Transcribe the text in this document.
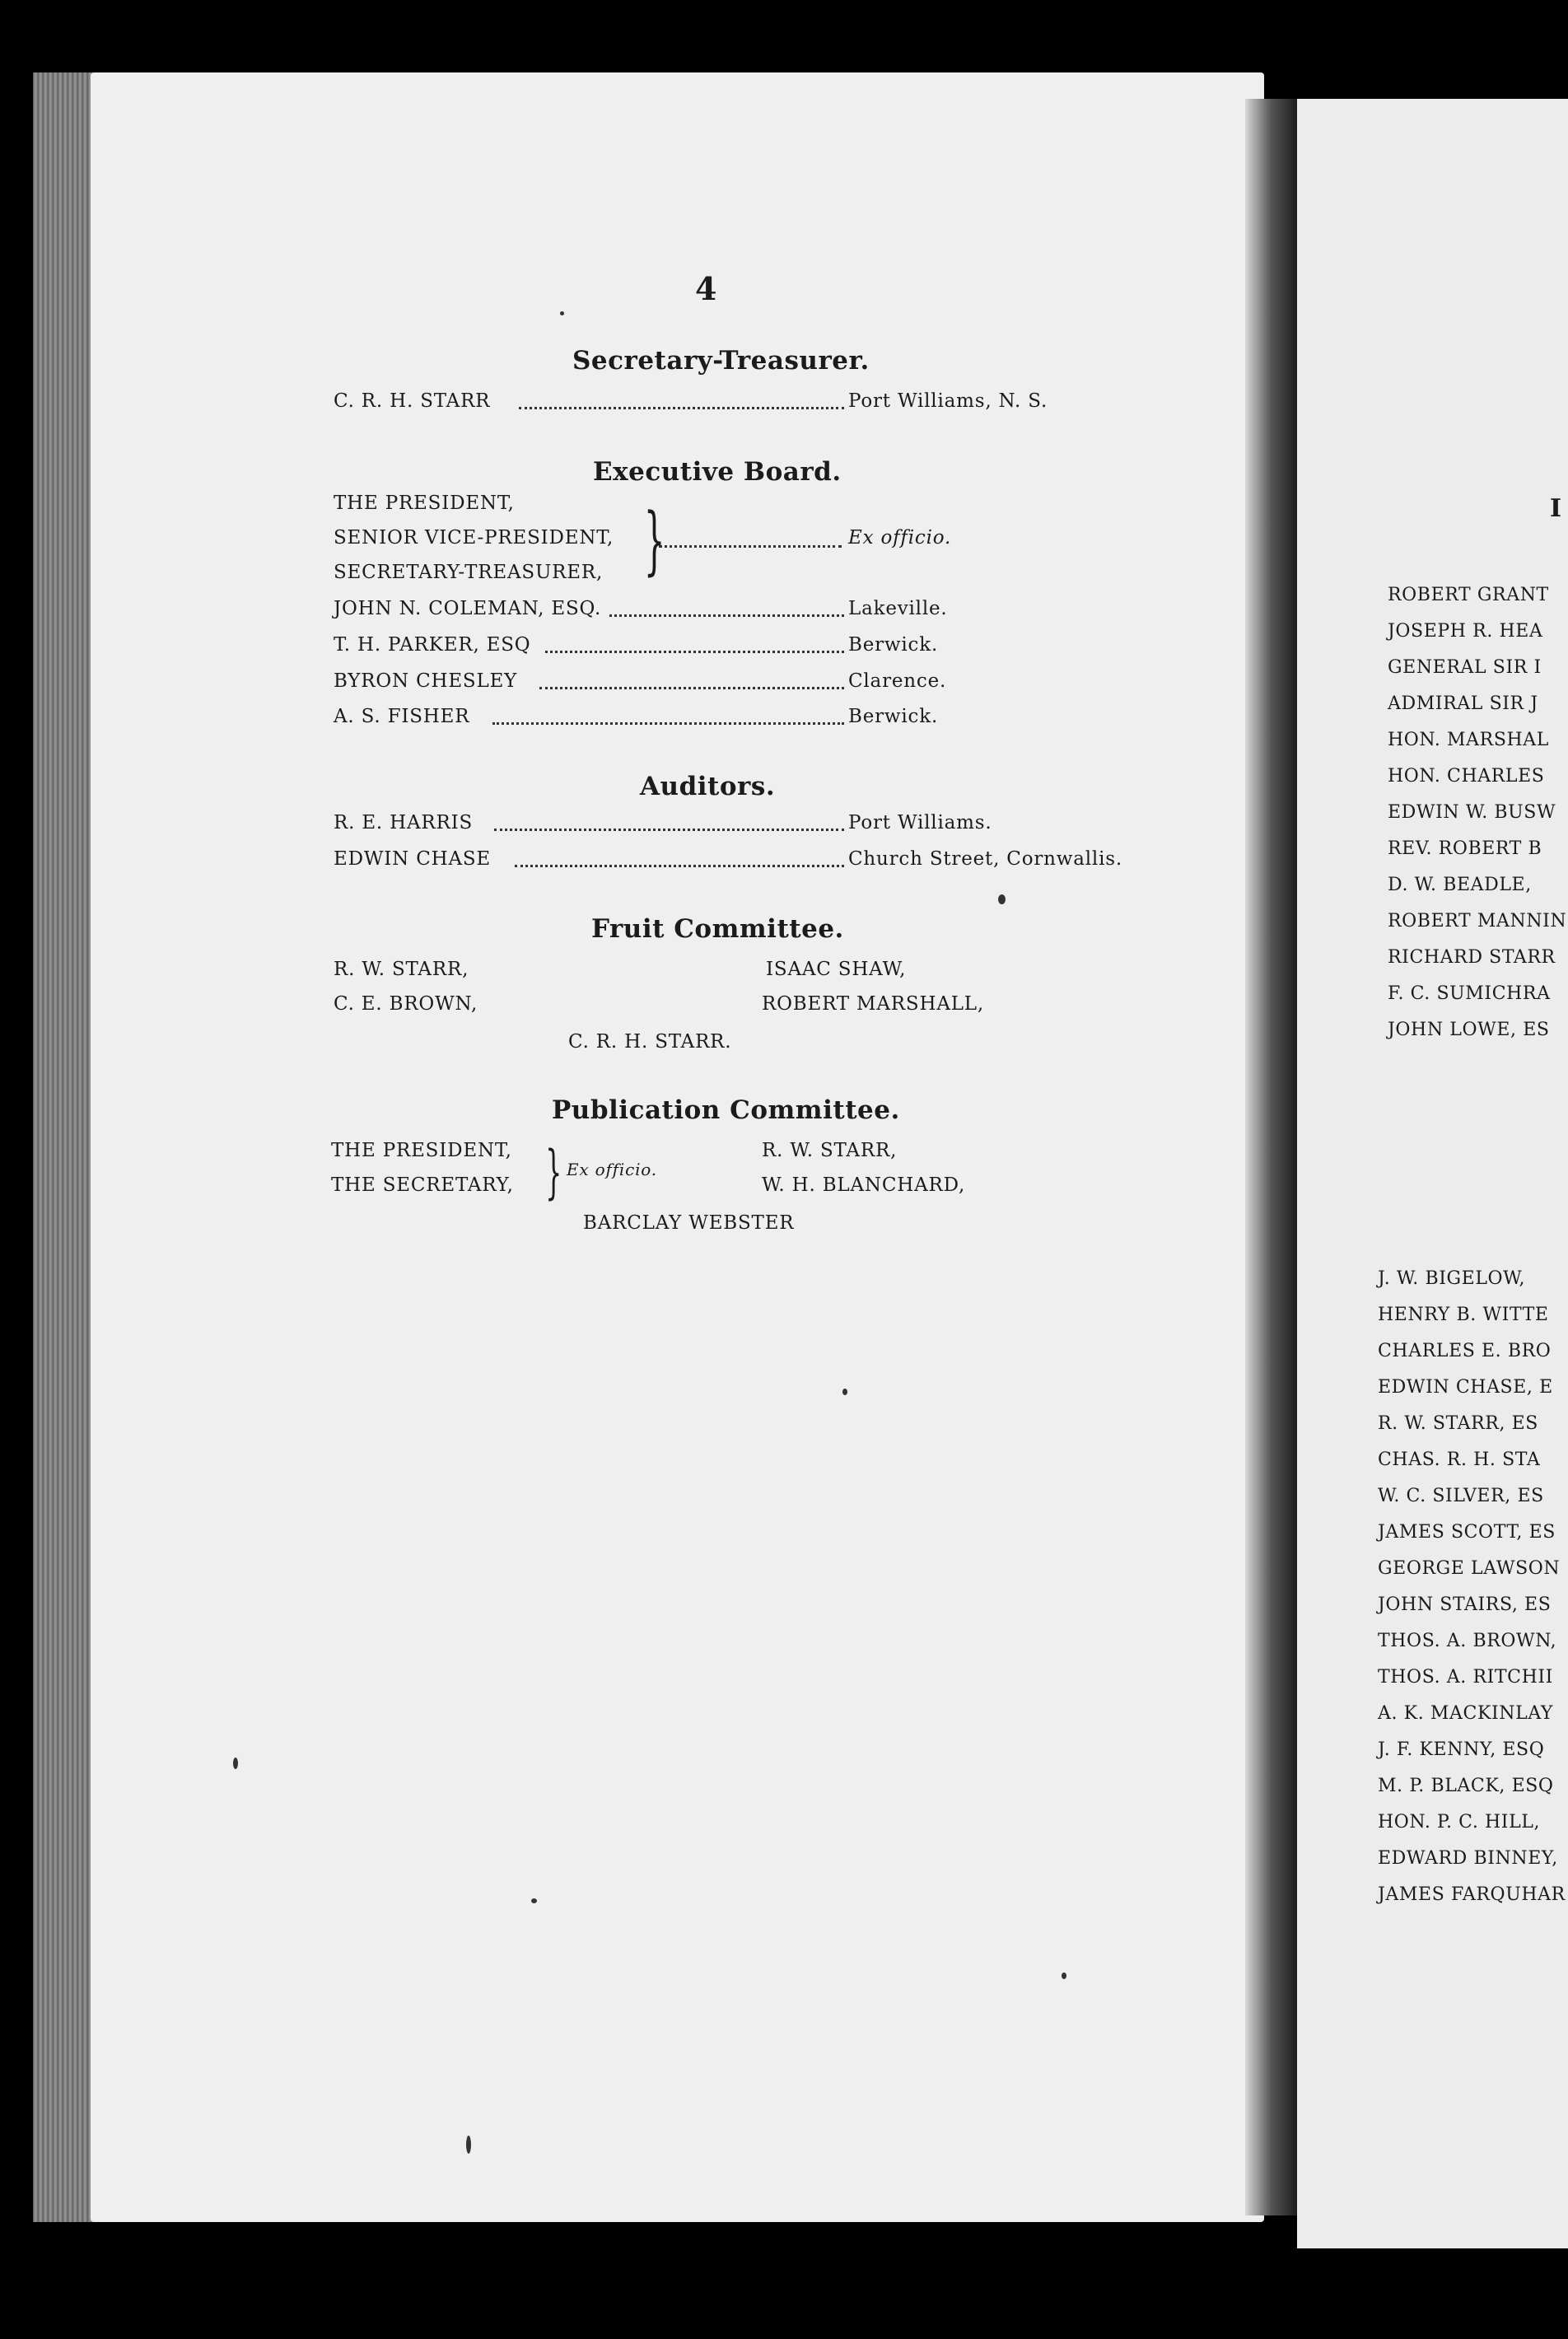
4
Secretary-Treasurer.
C. R. H. STARR	Port Williams, N. S.
Executive Board.
THE PRESIDENT,
SENIOR VICE-PRESIDENT,
SECRETARY-TREASURER, }	Ex officio.
JOHN N. COLEMAN, ESQ.	Lakeville.
T. H. PARKER, ESQ	Berwick.
BYRON CHESLEY	Clarence.
A. S. FISHER	Berwick.
Auditors.
R. E. HARRIS	Port Williams.
EDWIN CHASE	Church Street, Cornwallis.
Fruit Committee.
R. W. STARR,
C. E. BROWN,
ISAAC SHAW,
ROBERT MARSHALL,
C. R. H. STARR.
Publication Committee.
THE PRESIDENT,
THE SECRETARY, } Ex officio.
R. W. STARR,
W. H. BLANCHARD,
BARCLAY WEBSTER
I
ROBERT GRANT
JOSEPH R. HEA
GENERAL SIR I
ADMIRAL SIR J
HON. MARSHAL
HON. CHARLES
EDWIN W. BUSW
REV. ROBERT B
D. W. BEADLE,
ROBERT MANNIN
RICHARD STARR
F. C. SUMICHRA
JOHN LOWE, ES
J. W. BIGELOW,
HENRY B. WITTE
CHARLES E. BRO
EDWIN CHASE, E
R. W. STARR, ES
CHAS. R. H. STA
W. C. SILVER, ES
JAMES SCOTT, ES
GEORGE LAWSON
JOHN STAIRS, ES
THOS. A. BROWN,
THOS. A. RITCHII
A. K. MACKINLAY
J. F. KENNY, ESQ
M. P. BLACK, ESQ
HON. P. C. HILL,
EDWARD BINNEY,
JAMES FARQUHAR
